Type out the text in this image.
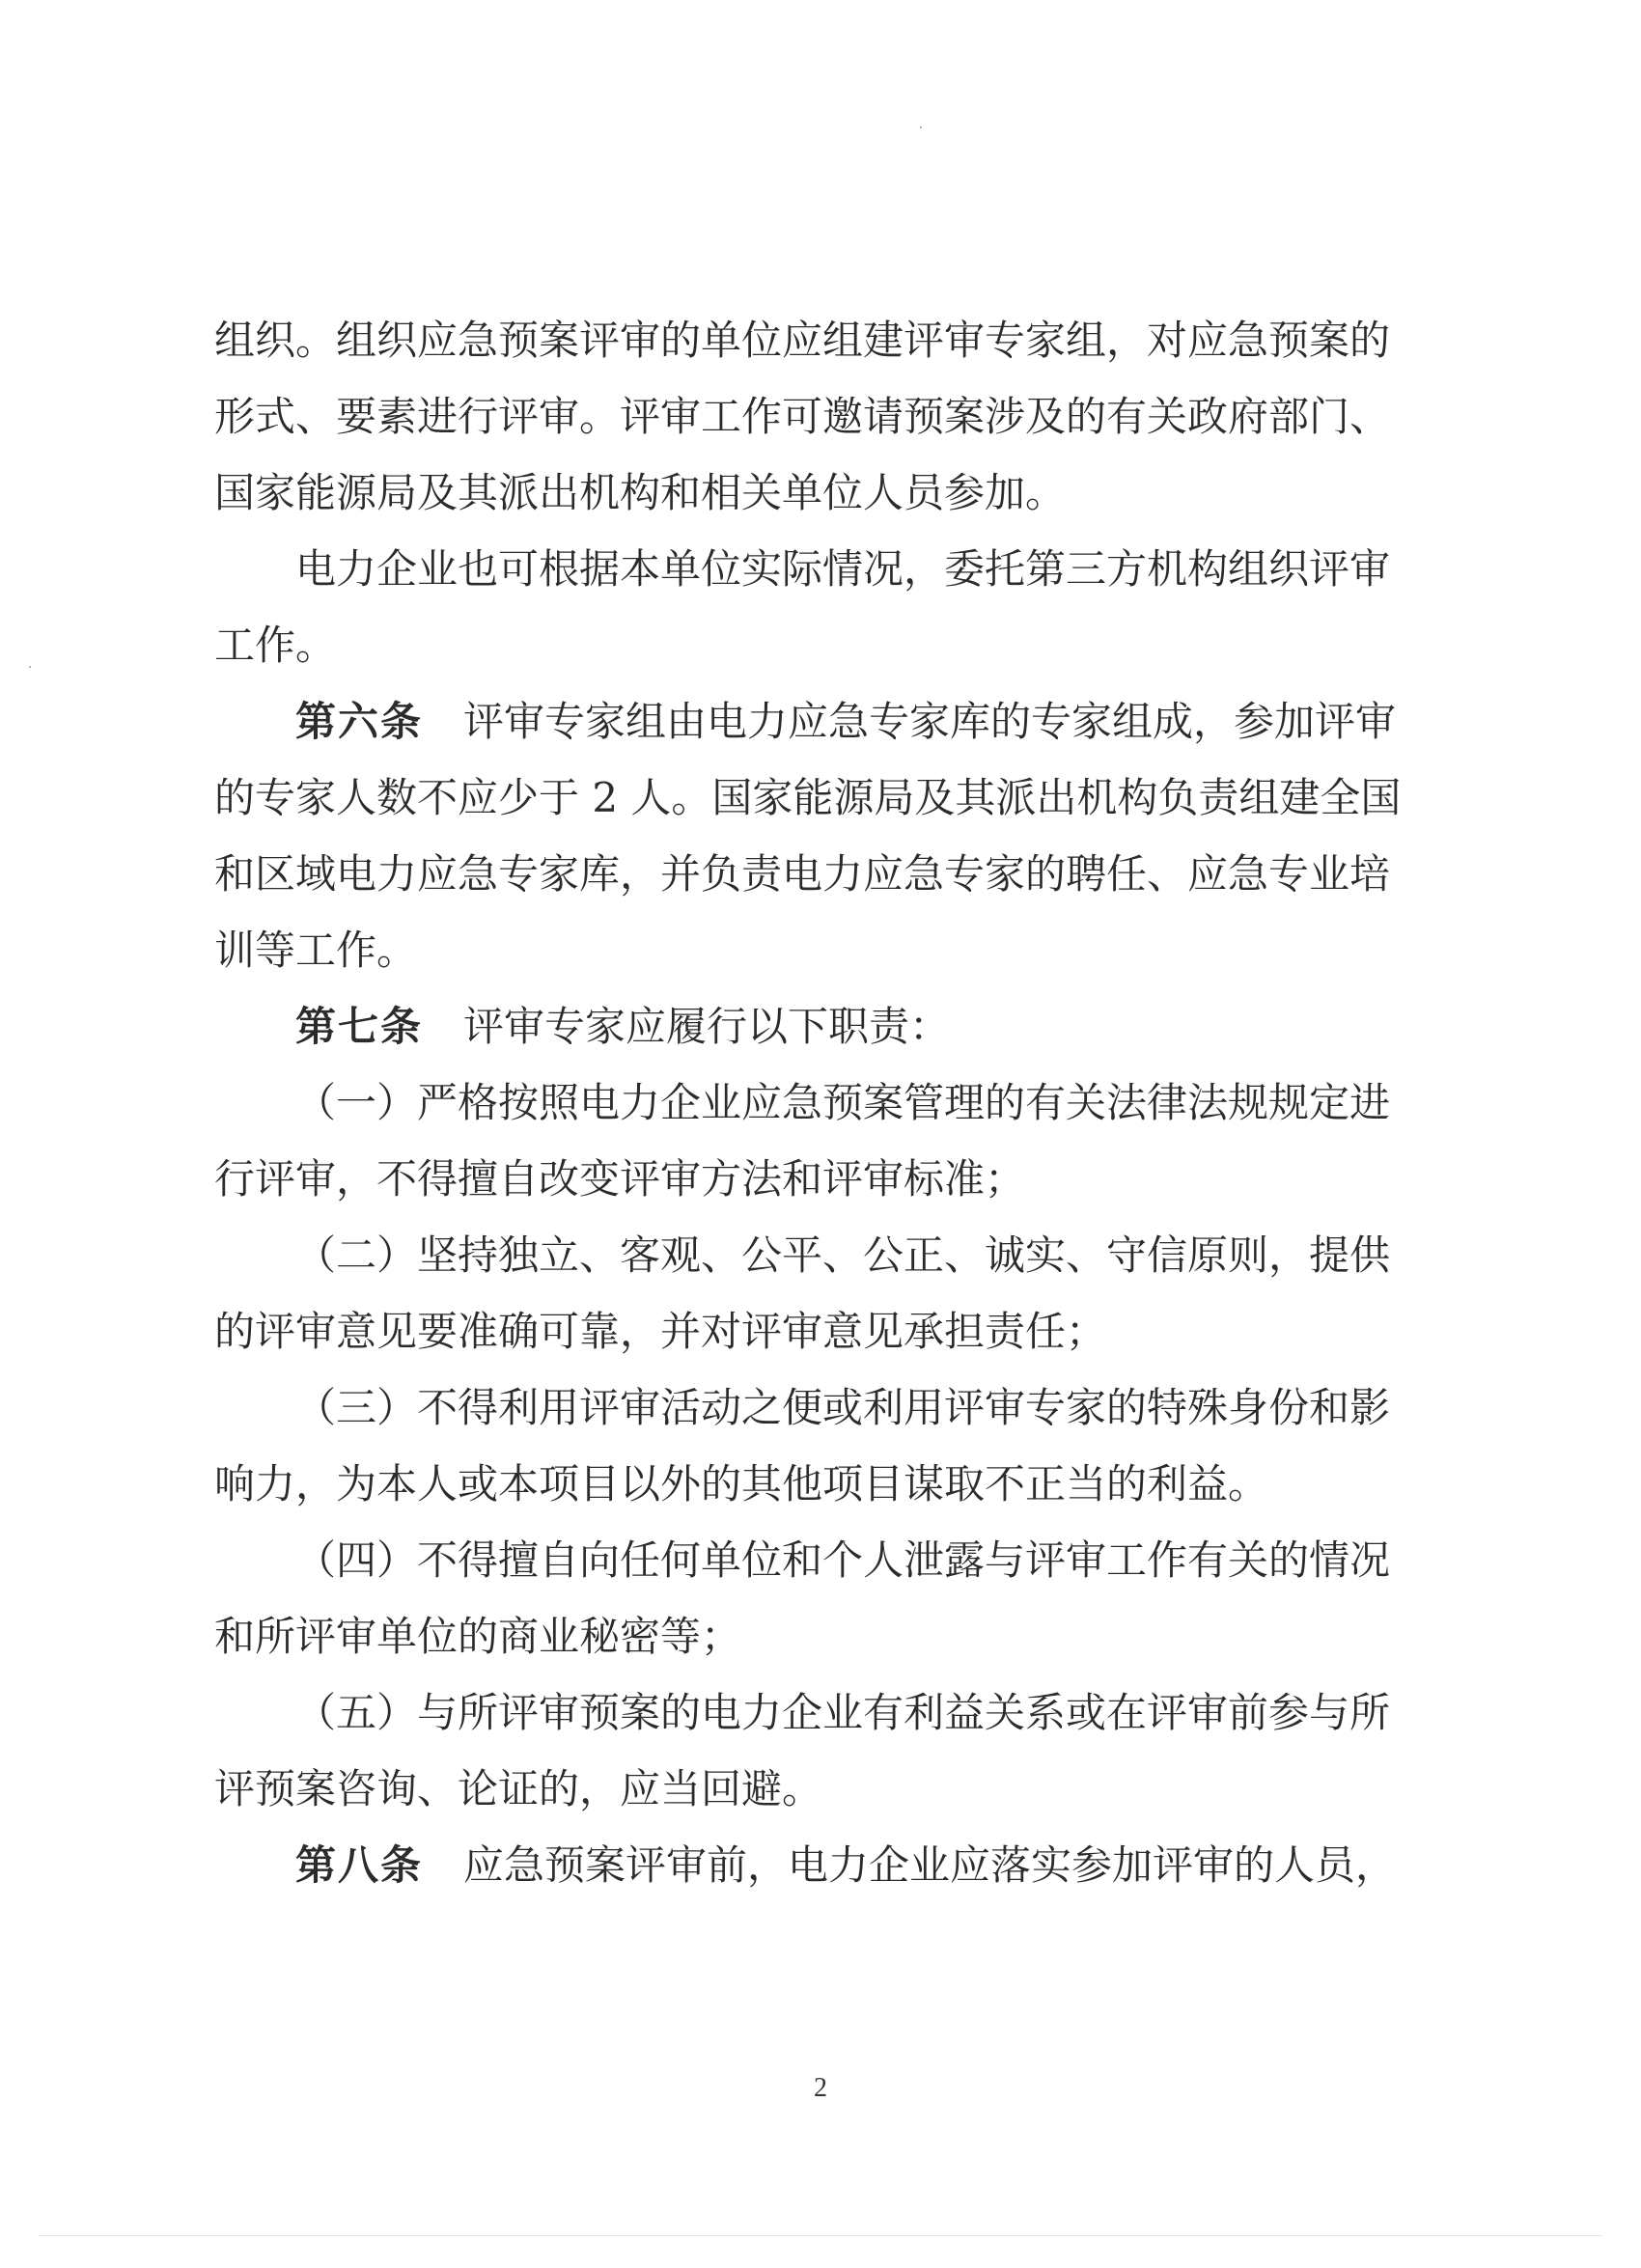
组织。组织应急预案评审的单位应组建评审专家组，对应急预案的
形式、要素进行评审。评审工作可邀请预案涉及的有关政府部门、
国家能源局及其派出机构和相关单位人员参加。
电力企业也可根据本单位实际情况，委托第三方机构组织评审
工作。
第六条 评审专家组由电力应急专家库的专家组成，参加评审
的专家人数不应少于 2 人。国家能源局及其派出机构负责组建全国
和区域电力应急专家库，并负责电力应急专家的聘任、应急专业培
训等工作。
第七条 评审专家应履行以下职责：
（一）严格按照电力企业应急预案管理的有关法律法规规定进
行评审，不得擅自改变评审方法和评审标准；
（二）坚持独立、客观、公平、公正、诚实、守信原则，提供
的评审意见要准确可靠，并对评审意见承担责任；
（三）不得利用评审活动之便或利用评审专家的特殊身份和影
响力，为本人或本项目以外的其他项目谋取不正当的利益。
（四）不得擅自向任何单位和个人泄露与评审工作有关的情况
和所评审单位的商业秘密等；
（五）与所评审预案的电力企业有利益关系或在评审前参与所
评预案咨询、论证的，应当回避。
第八条 应急预案评审前，电力企业应落实参加评审的人员，
2
